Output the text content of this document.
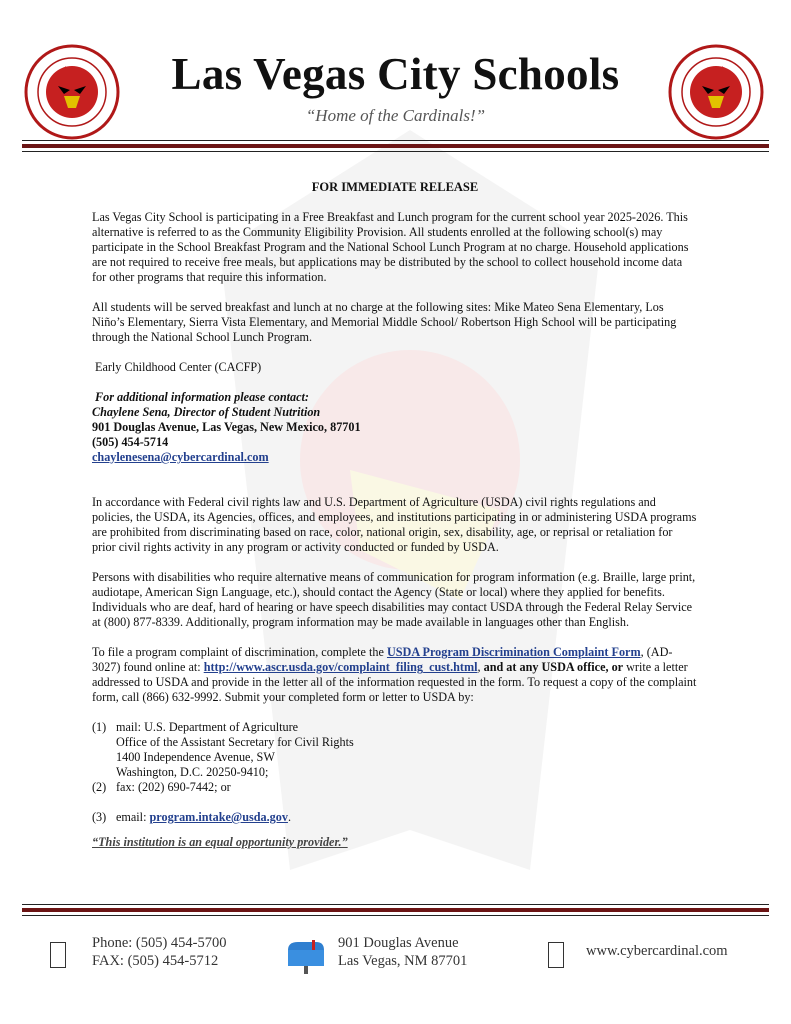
Las Vegas City Schools
“Home of the Cardinals!”
FOR IMMEDIATE RELEASE

Las Vegas City School is participating in a Free Breakfast and Lunch program for the current school year 2025-2026. This alternative is referred to as the Community Eligibility Provision. All students enrolled at the following school(s) may participate in the School Breakfast Program and the National School Lunch Program at no charge. Household applications are not required to receive free meals, but applications may be distributed by the school to collect household income data for other programs that require this information.

All students will be served breakfast and lunch at no charge at the following sites: Mike Mateo Sena Elementary, Los Niño’s Elementary, Sierra Vista Elementary, and Memorial Middle School/ Robertson High School will be participating through the National School Lunch Program.

Early Childhood Center (CACFP)

For additional information please contact:
Chaylene Sena, Director of Student Nutrition
901 Douglas Avenue, Las Vegas, New Mexico, 87701
(505) 454-5714
chaylenesena@cybercardinal.com

In accordance with Federal civil rights law and U.S. Department of Agriculture (USDA) civil rights regulations and policies, the USDA, its Agencies, offices, and employees, and institutions participating in or administering USDA programs are prohibited from discriminating based on race, color, national origin, sex, disability, age, or reprisal or retaliation for prior civil rights activity in any program or activity conducted or funded by USDA.

Persons with disabilities who require alternative means of communication for program information (e.g. Braille, large print, audiotape, American Sign Language, etc.), should contact the Agency (State or local) where they applied for benefits. Individuals who are deaf, hard of hearing or have speech disabilities may contact USDA through the Federal Relay Service at (800) 877-8339. Additionally, program information may be made available in languages other than English.

To file a program complaint of discrimination, complete the USDA Program Discrimination Complaint Form, (AD-3027) found online at: http://www.ascr.usda.gov/complaint_filing_cust.html, and at any USDA office, or write a letter addressed to USDA and provide in the letter all of the information requested in the form. To request a copy of the complaint form, call (866) 632-9992. Submit your completed form or letter to USDA by:

(1) mail: U.S. Department of Agriculture
Office of the Assistant Secretary for Civil Rights
1400 Independence Avenue, SW
Washington, D.C. 20250-9410;
(2) fax: (202) 690-7442; or
(3) email: program.intake@usda.gov.
“This institution is an equal opportunity provider.”
Phone: (505) 454-5700
FAX: (505) 454-5712
901 Douglas Avenue
Las Vegas, NM 87701
www.cybercardinal.com
